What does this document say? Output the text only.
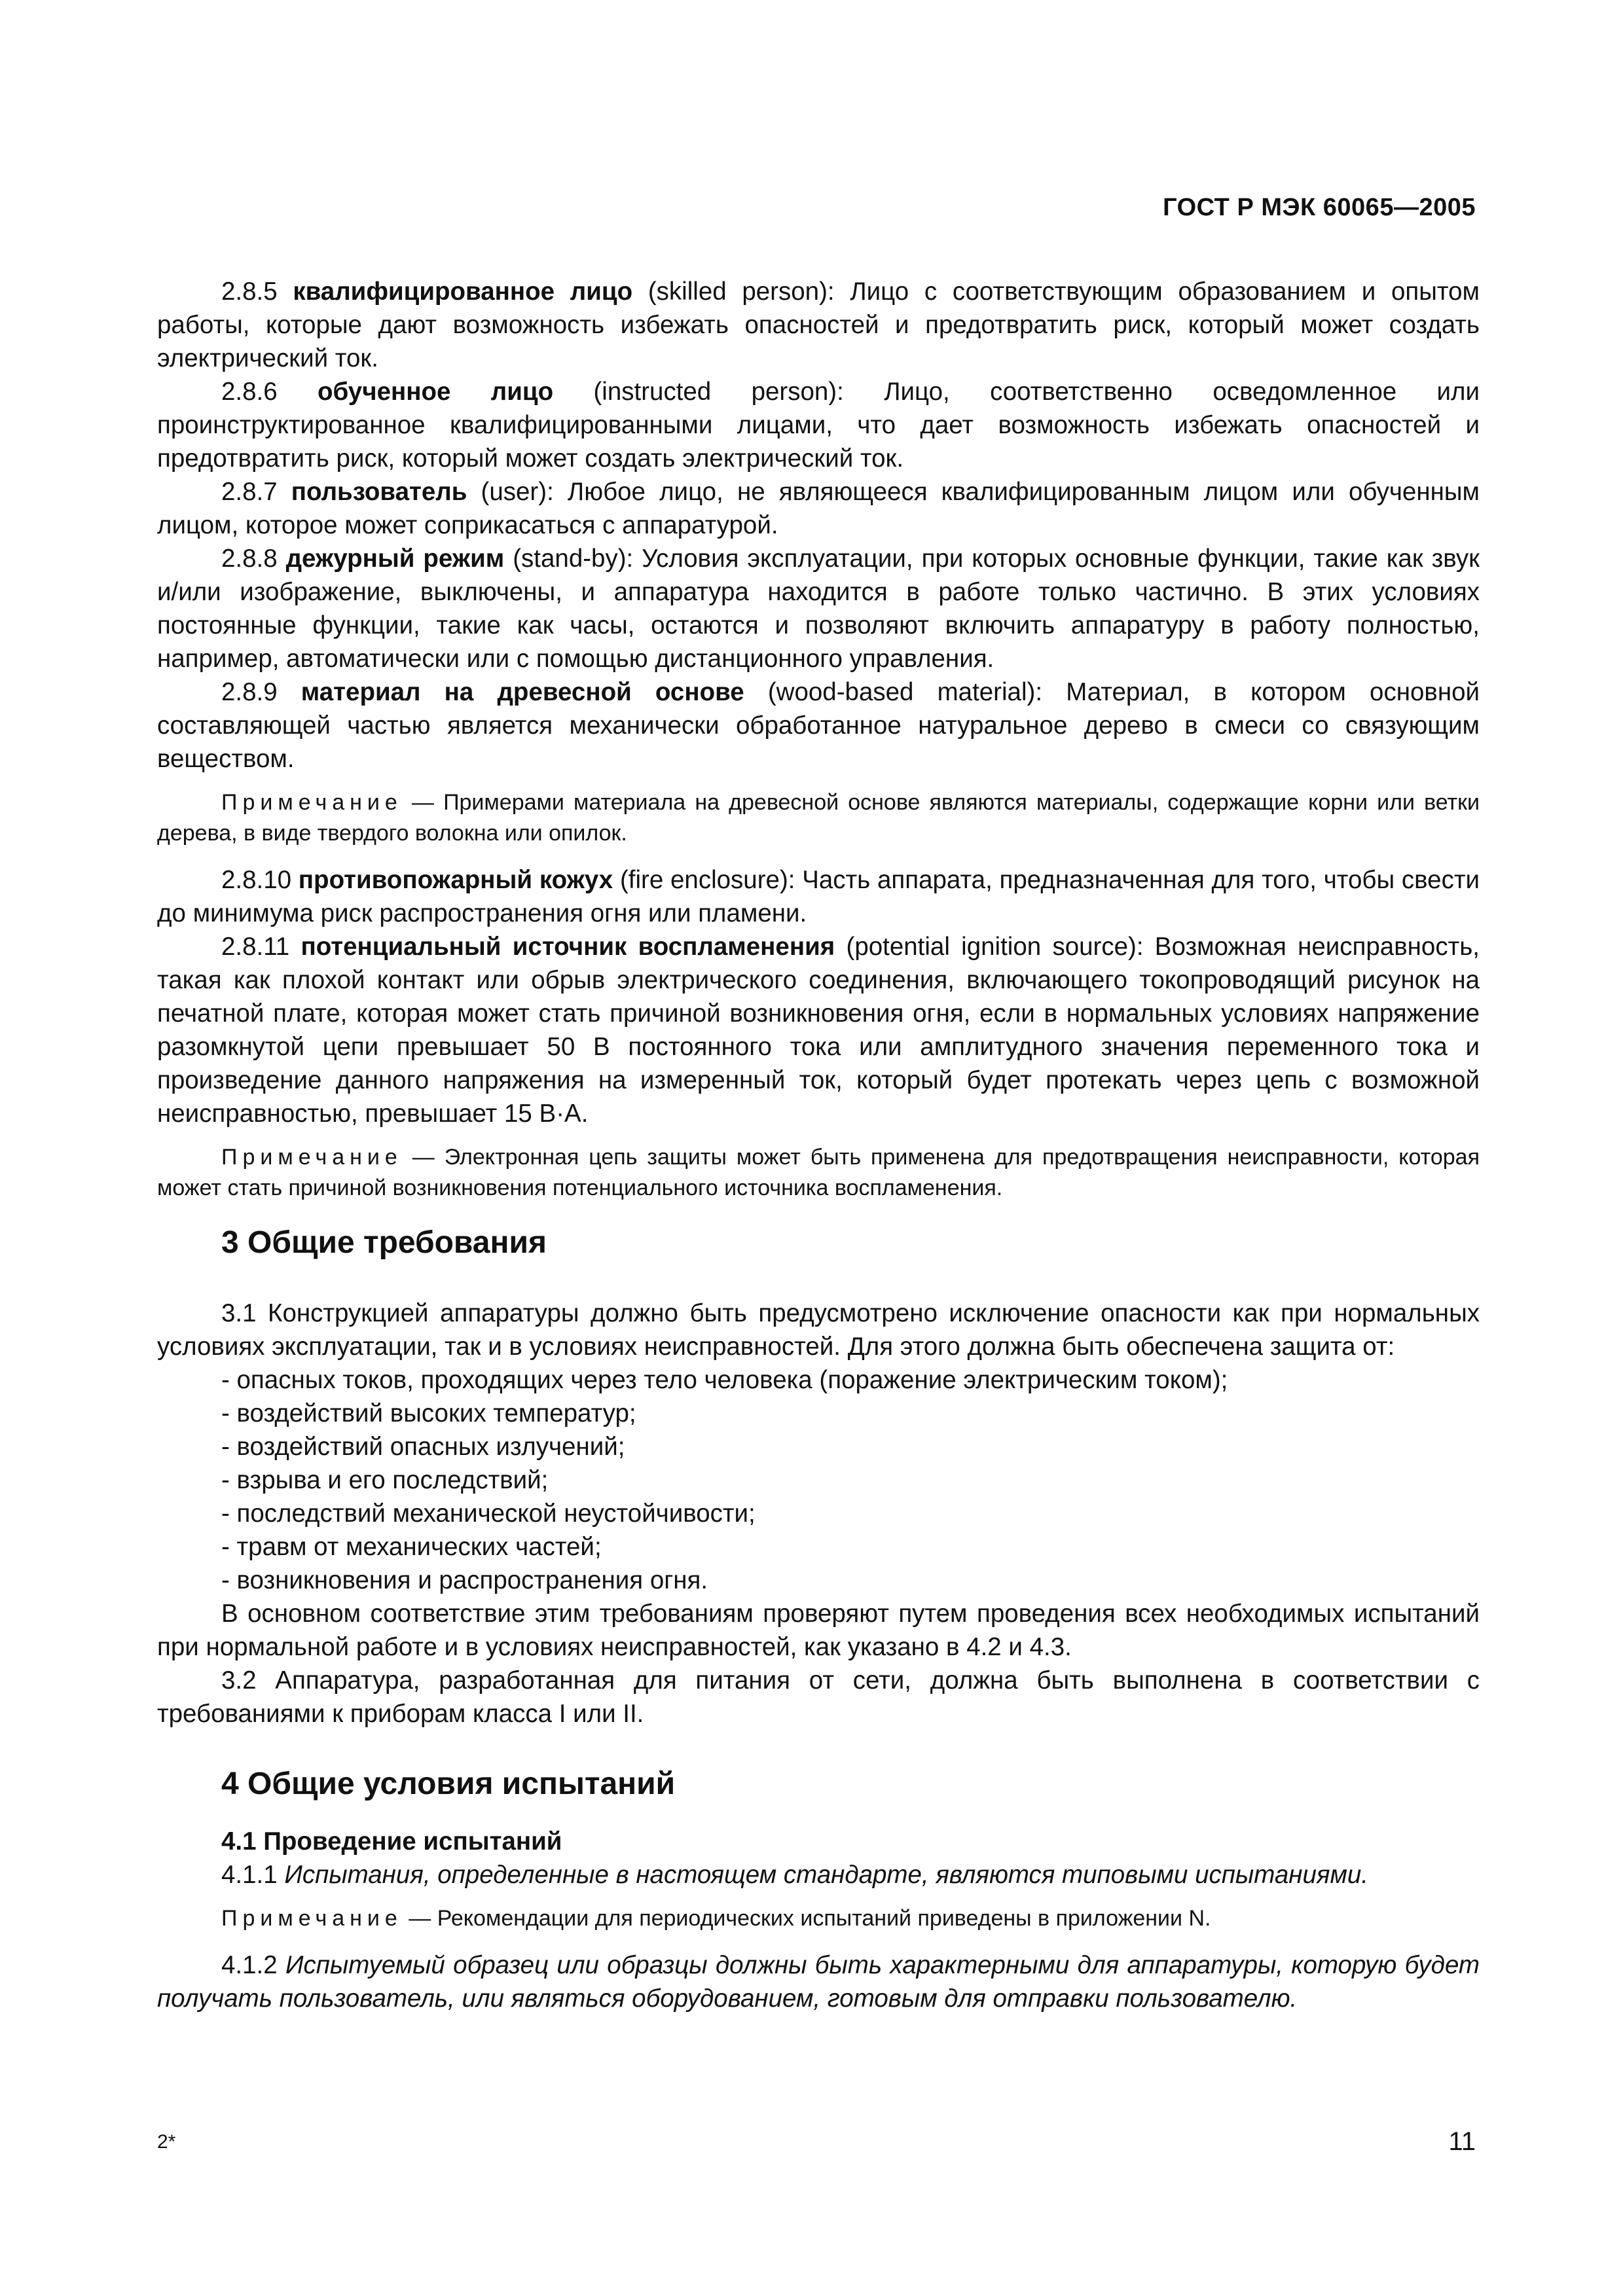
ГОСТ Р МЭК 60065—2005

2.8.5 квалифицированное лицо (skilled person): Лицо с соответствующим образованием и опытом работы, которые дают возможность избежать опасностей и предотвратить риск, который может создать электрический ток.

2.8.6 обученное лицо (instructed person): Лицо, соответственно осведомленное или проинструктированное квалифицированными лицами, что дает возможность избежать опасностей и предотвратить риск, который может создать электрический ток.

2.8.7 пользователь (user): Любое лицо, не являющееся квалифицированным лицом или обученным лицом, которое может соприкасаться с аппаратурой.

2.8.8 дежурный режим (stand-by): Условия эксплуатации, при которых основные функции, такие как звук и/или изображение, выключены, и аппаратура находится в работе только частично. В этих условиях постоянные функции, такие как часы, остаются и позволяют включить аппаратуру в работу полностью, например, автоматически или с помощью дистанционного управления.

2.8.9 материал на древесной основе (wood-based material): Материал, в котором основной составляющей частью является механически обработанное натуральное дерево в смеси со связующим веществом.

Примечание — Примерами материала на древесной основе являются материалы, содержащие корни или ветки дерева, в виде твердого волокна или опилок.

2.8.10 противопожарный кожух (fire enclosure): Часть аппарата, предназначенная для того, чтобы свести до минимума риск распространения огня или пламени.

2.8.11 потенциальный источник воспламенения (potential ignition source): Возможная неисправность, такая как плохой контакт или обрыв электрического соединения, включающего токопроводящий рисунок на печатной плате, которая может стать причиной возникновения огня, если в нормальных условиях напряжение разомкнутой цепи превышает 50 В постоянного тока или амплитудного значения переменного тока и произведение данного напряжения на измеренный ток, который будет протекать через цепь с возможной неисправностью, превышает 15 В·А.

Примечание — Электронная цепь защиты может быть применена для предотвращения неисправности, которая может стать причиной возникновения потенциального источника воспламенения.

3 Общие требования

3.1 Конструкцией аппаратуры должно быть предусмотрено исключение опасности как при нормальных условиях эксплуатации, так и в условиях неисправностей. Для этого должна быть обеспечена защита от:

- опасных токов, проходящих через тело человека (поражение электрическим током);

- воздействий высоких температур;

- воздействий опасных излучений;

- взрыва и его последствий;

- последствий механической неустойчивости;

- травм от механических частей;

- возникновения и распространения огня.

В основном соответствие этим требованиям проверяют путем проведения всех необходимых испытаний при нормальной работе и в условиях неисправностей, как указано в 4.2 и 4.3.

3.2 Аппаратура, разработанная для питания от сети, должна быть выполнена в соответствии с требованиями к приборам класса I или II.

4 Общие условия испытаний

4.1 Проведение испытаний

4.1.1 Испытания, определенные в настоящем стандарте, являются типовыми испытаниями.

Примечание — Рекомендации для периодических испытаний приведены в приложении N.

4.1.2 Испытуемый образец или образцы должны быть характерными для аппаратуры, которую будет получать пользователь, или являться оборудованием, готовым для отправки пользователю.

2*	11
